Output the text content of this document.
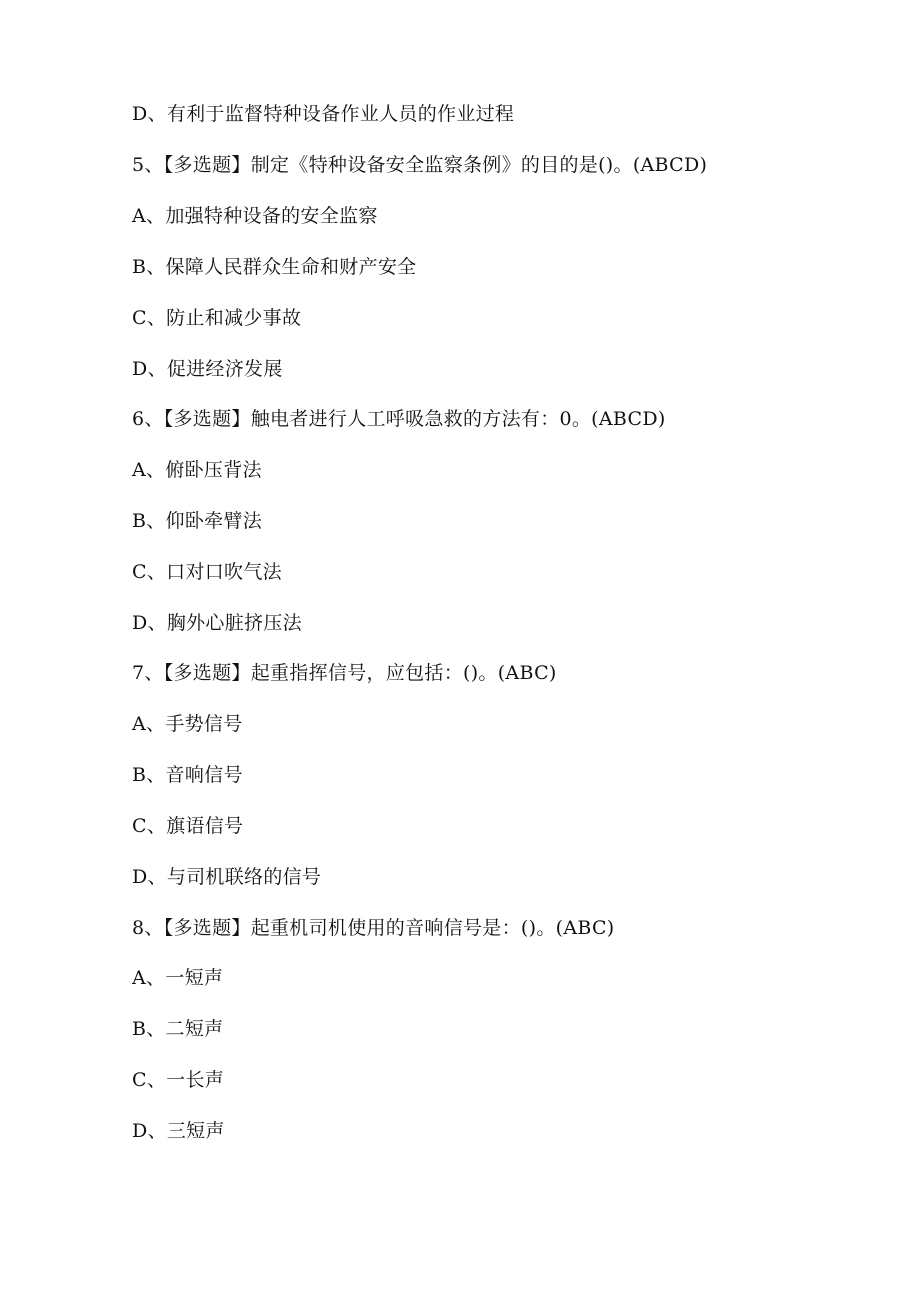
D、有利于监督特种设备作业人员的作业过程
5、【多选题】制定《特种设备安全监察条例》的目的是()。(ABCD)
A、加强特种设备的安全监察
B、保障人民群众生命和财产安全
C、防止和减少事故
D、促进经济发展
6、【多选题】触电者进行人工呼吸急救的方法有：0。(ABCD)
A、俯卧压背法
B、仰卧牵臂法
C、口对口吹气法
D、胸外心脏挤压法
7、【多选题】起重指挥信号，应包括：()。(ABC)
A、手势信号
B、音响信号
C、旗语信号
D、与司机联络的信号
8、【多选题】起重机司机使用的音响信号是：()。(ABC)
A、一短声
B、二短声
C、一长声
D、三短声
